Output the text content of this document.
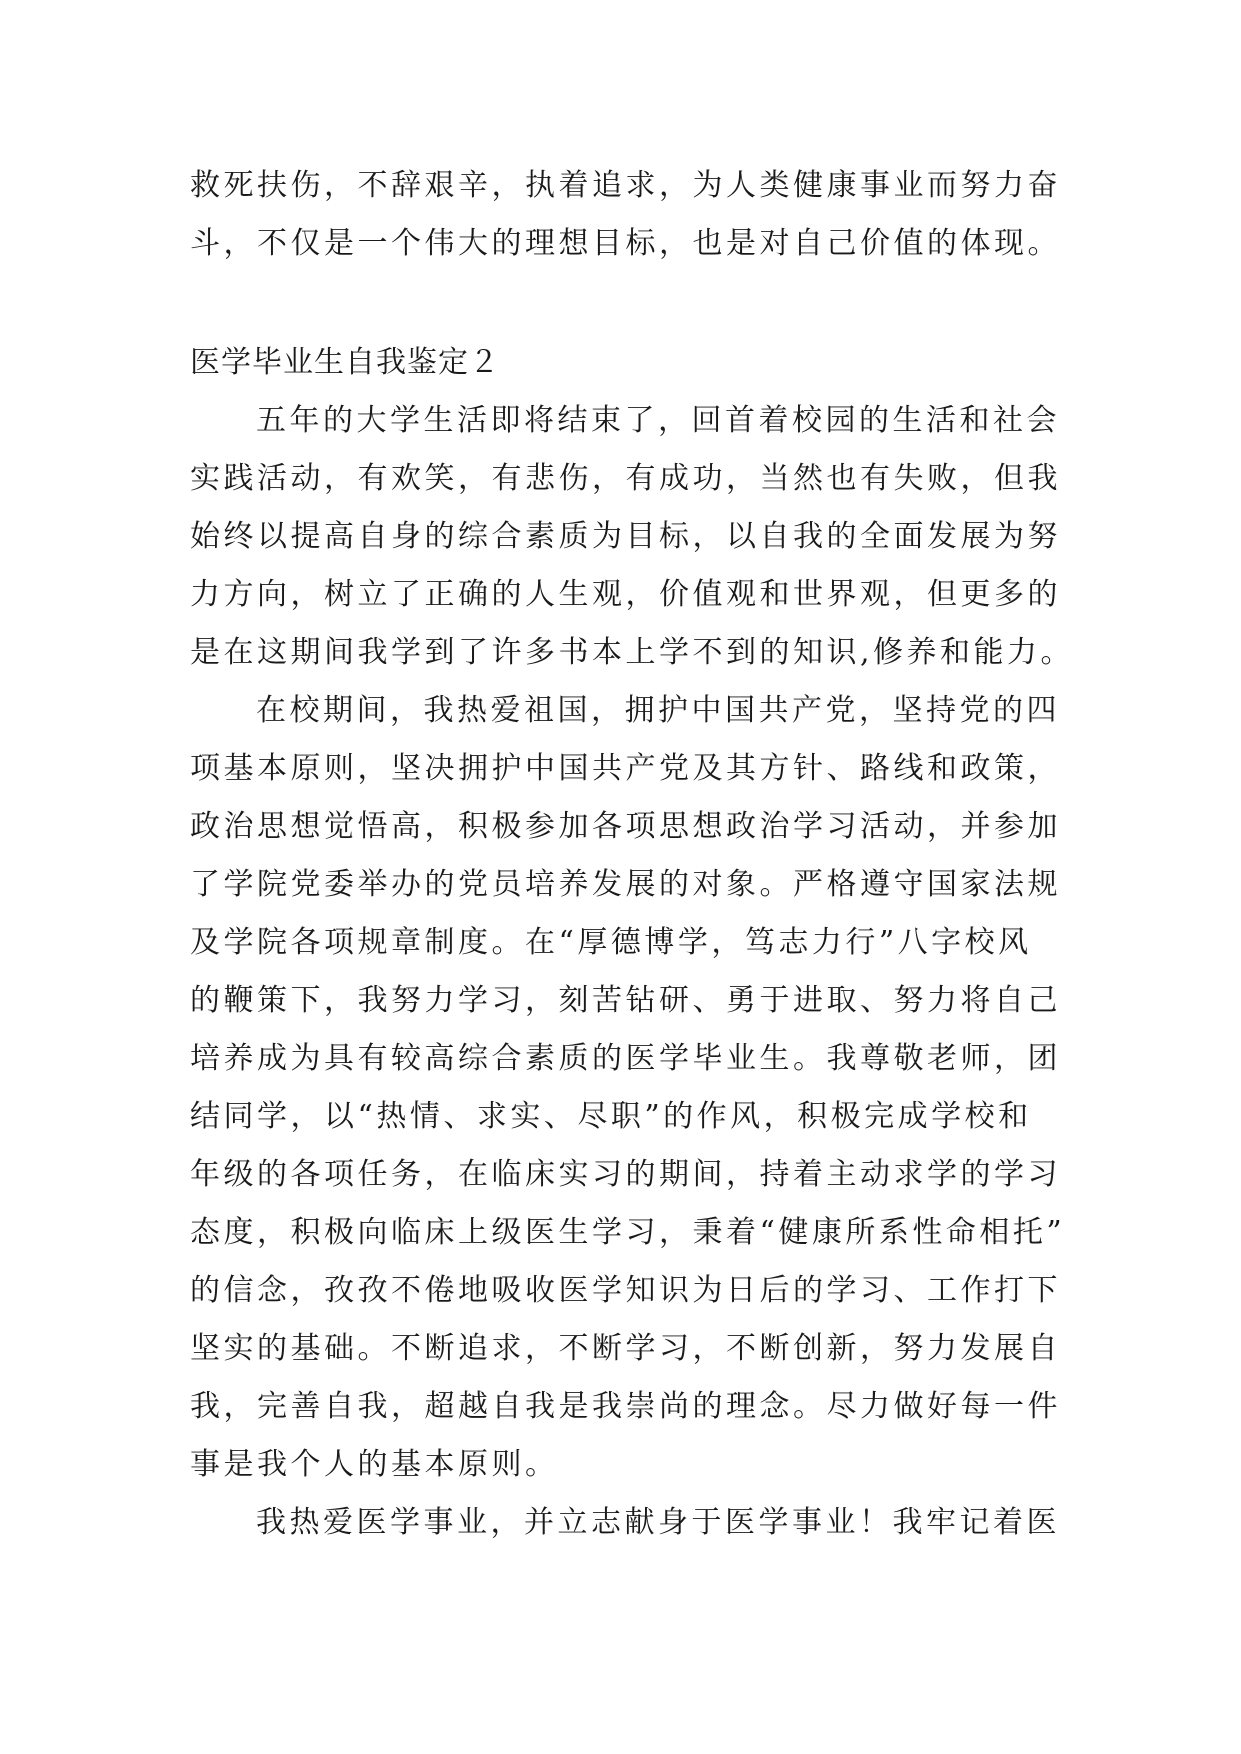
救死扶伤，不辞艰辛，执着追求，为人类健康事业而努力奋
斗，不仅是一个伟大的理想目标，也是对自己价值的体现。
医学毕业生自我鉴定２
五年的大学生活即将结束了，回首着校园的生活和社会
实践活动，有欢笑，有悲伤，有成功，当然也有失败，但我
始终以提高自身的综合素质为目标，以自我的全面发展为努
力方向，树立了正确的人生观，价值观和世界观，但更多的
是在这期间我学到了许多书本上学不到的知识,修养和能力。
在校期间，我热爱祖国，拥护中国共产党，坚持党的四
项基本原则，坚决拥护中国共产党及其方针、路线和政策，
政治思想觉悟高，积极参加各项思想政治学习活动，并参加
了学院党委举办的党员培养发展的对象。严格遵守国家法规
及学院各项规章制度。在“厚德博学，笃志力行”八字校风
的鞭策下，我努力学习，刻苦钻研、勇于进取、努力将自己
培养成为具有较高综合素质的医学毕业生。我尊敬老师，团
结同学，以“热情、求实、尽职”的作风，积极完成学校和
年级的各项任务，在临床实习的期间，持着主动求学的学习
态度，积极向临床上级医生学习，秉着“健康所系性命相托”
的信念，孜孜不倦地吸收医学知识为日后的学习、工作打下
坚实的基础。不断追求，不断学习，不断创新，努力发展自
我，完善自我，超越自我是我崇尚的理念。尽力做好每一件
事是我个人的基本原则。
我热爱医学事业，并立志献身于医学事业！我牢记着医
